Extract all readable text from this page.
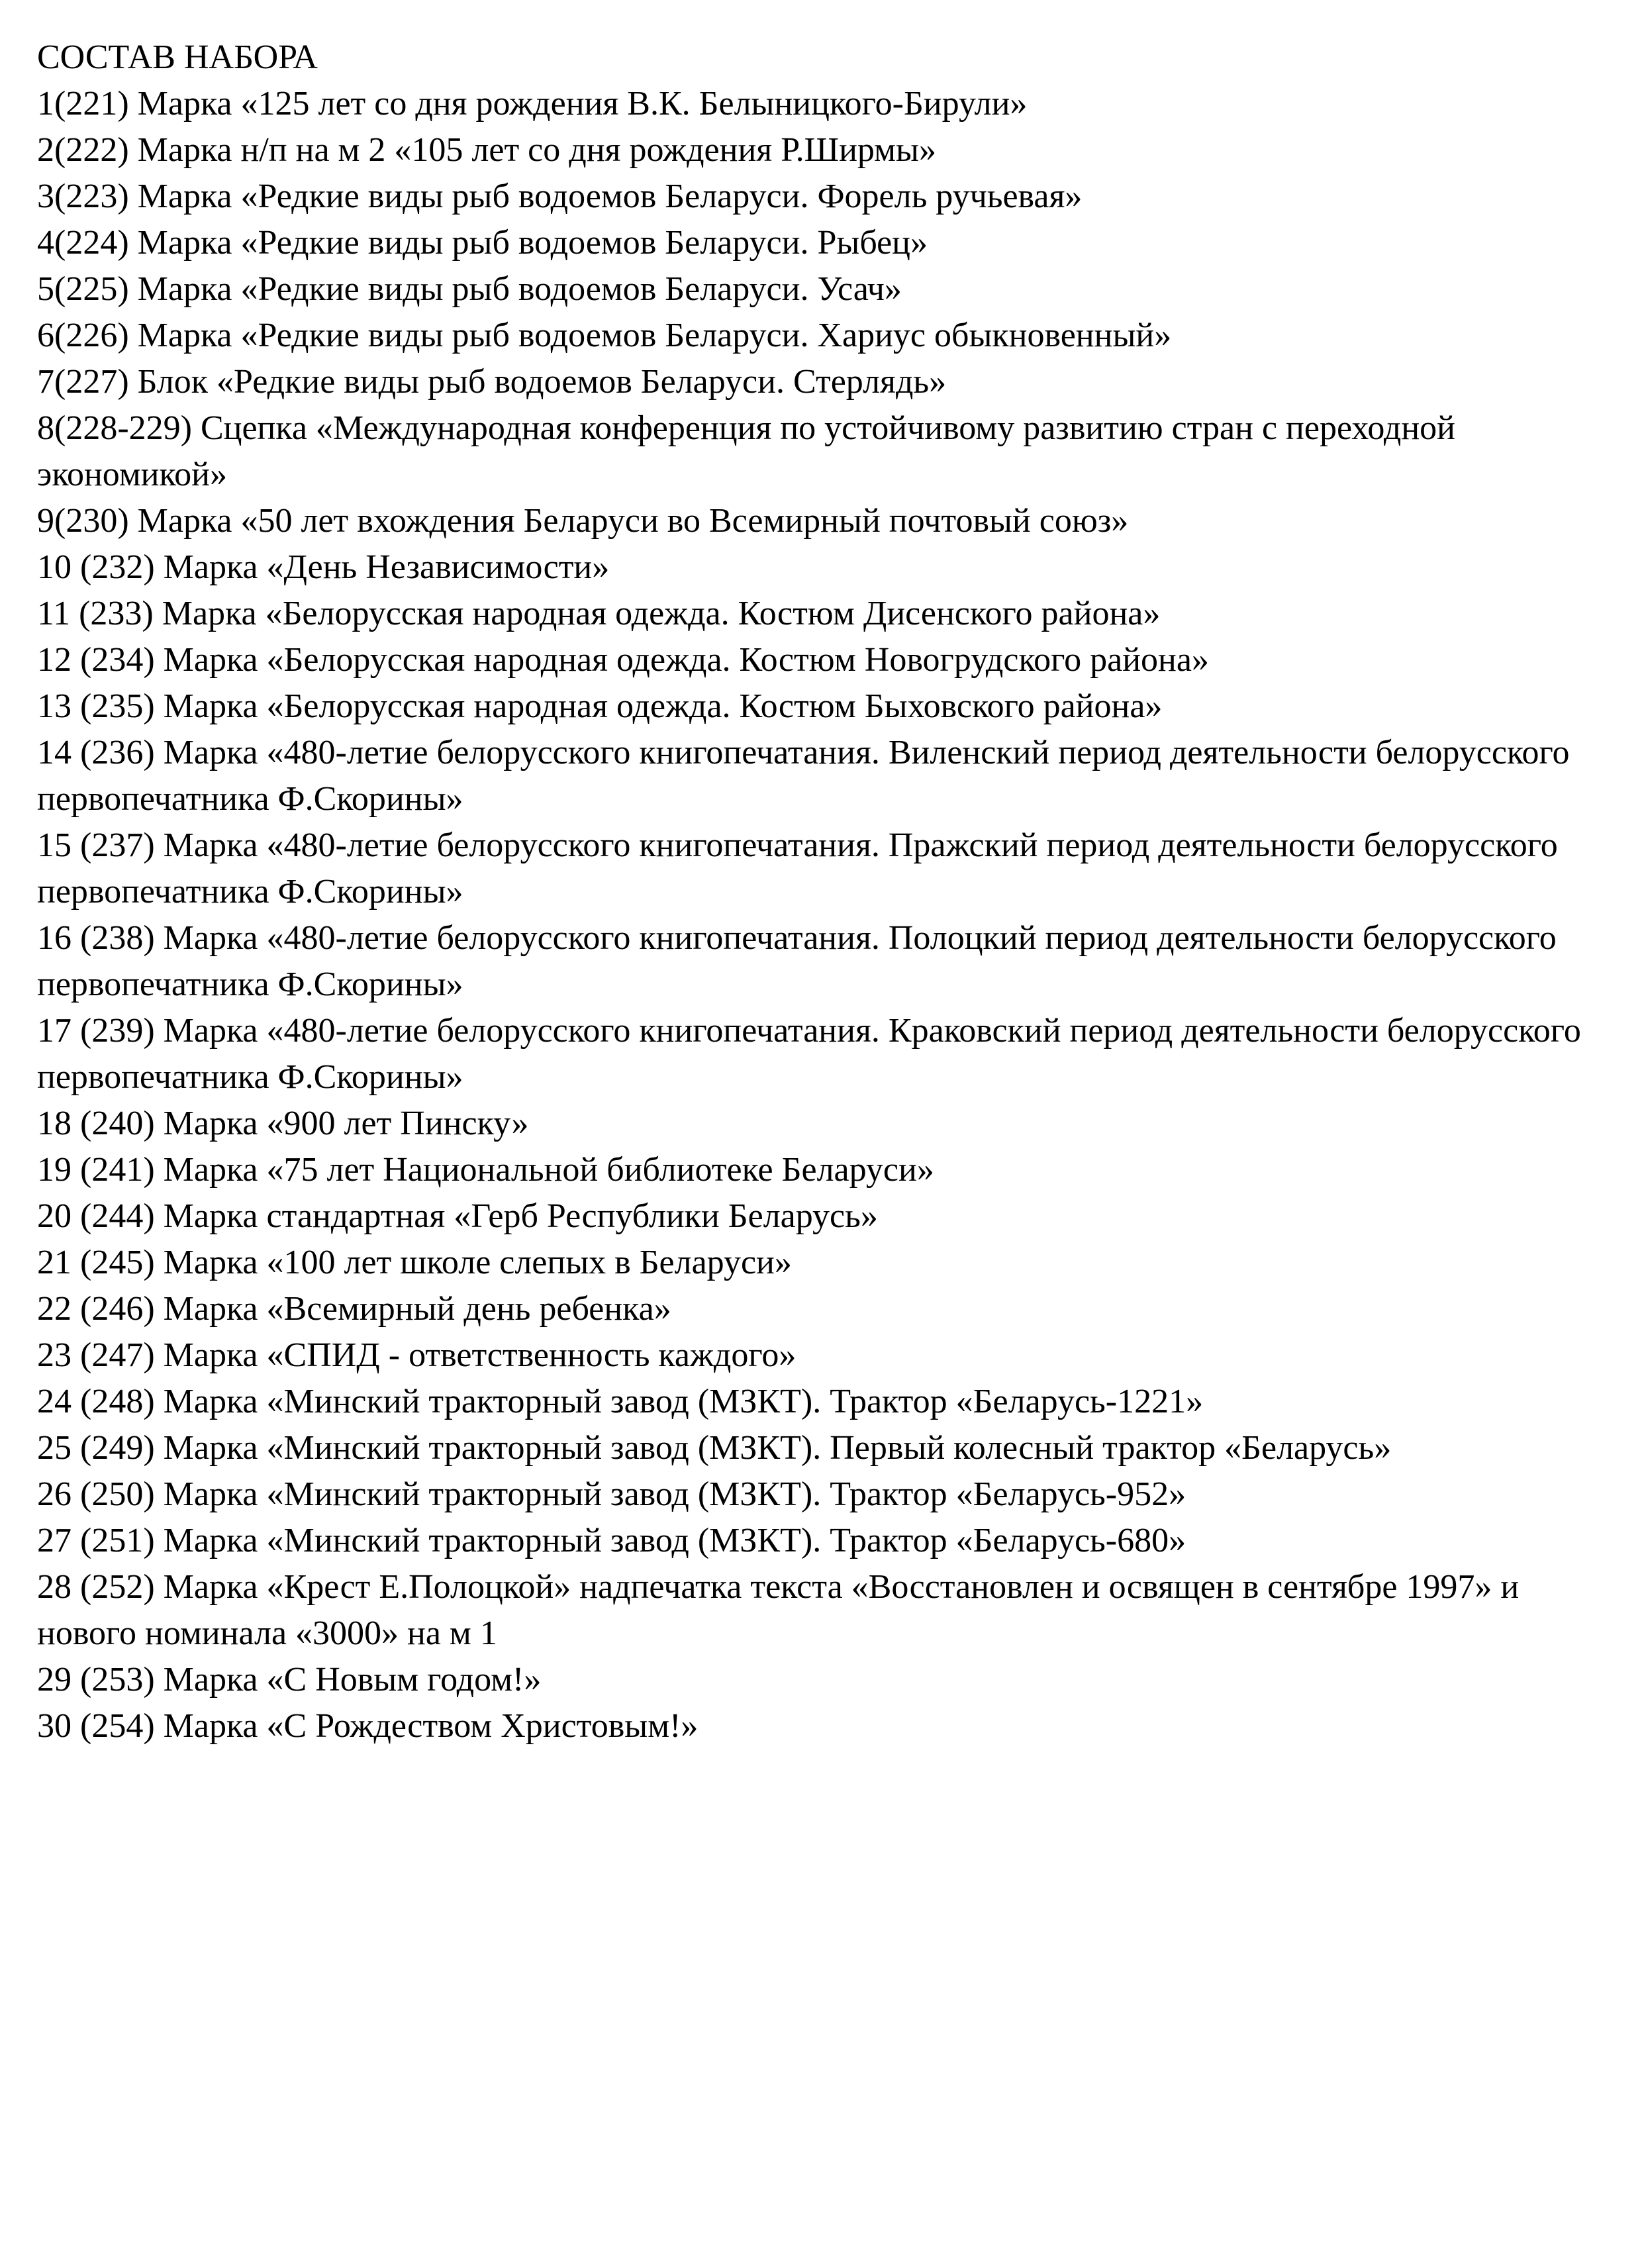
СОСТАВ НАБОРА
1(221) Марка «125 лет со дня рождения В.К. Белыницкого-Бирули»
2(222) Марка н/п на м 2 «105 лет со дня рождения Р.Ширмы»
3(223) Марка «Редкие виды рыб водоемов Беларуси. Форель ручьевая»
4(224) Марка «Редкие виды рыб водоемов Беларуси. Рыбец»
5(225) Марка «Редкие виды рыб водоемов Беларуси. Усач»
6(226) Марка «Редкие виды рыб водоемов Беларуси. Хариус обыкновенный»
7(227) Блок «Редкие виды рыб водоемов Беларуси. Стерлядь»
8(228-229) Сцепка «Международная конференция по устойчивому развитию стран с переходной экономикой»
9(230) Марка «50 лет вхождения Беларуси во Всемирный почтовый союз»
10 (232) Марка «День Независимости»
11 (233) Марка «Белорусская народная одежда. Костюм Дисенского района»
12 (234) Марка «Белорусская народная одежда. Костюм Новогрудского района»
13 (235) Марка «Белорусская народная одежда. Костюм Быховского района»
14 (236) Марка «480-летие белорусского книгопечатания. Виленский период деятельности белорусского первопечатника Ф.Скорины»
15 (237) Марка «480-летие белорусского книгопечатания. Пражский период деятельности белорусского первопечатника Ф.Скорины»
16 (238) Марка «480-летие белорусского книгопечатания. Полоцкий период деятельности белорусского первопечатника Ф.Скорины»
17 (239) Марка «480-летие белорусского книгопечатания. Краковский период деятельности белорусского первопечатника Ф.Скорины»
18 (240) Марка «900 лет Пинску»
19 (241) Марка «75 лет Национальной библиотеке Беларуси»
20 (244) Марка стандартная «Герб Республики Беларусь»
21 (245) Марка «100 лет школе слепых в Беларуси»
22 (246) Марка «Всемирный день ребенка»
23 (247) Марка «СПИД - ответственность каждого»
24 (248) Марка «Минский тракторный завод (МЗКТ). Трактор «Беларусь-1221»
25 (249) Марка «Минский тракторный завод (МЗКТ). Первый колесный трактор «Беларусь»
26 (250) Марка «Минский тракторный завод (МЗКТ). Трактор «Беларусь-952»
27 (251) Марка «Минский тракторный завод (МЗКТ). Трактор «Беларусь-680»
28 (252) Марка «Крест Е.Полоцкой» надпечатка текста «Восстановлен и освящен в сентябре 1997» и нового номинала «3000» на м 1
29 (253) Марка «С Новым годом!»
30 (254) Марка «С Рождеством Христовым!»
